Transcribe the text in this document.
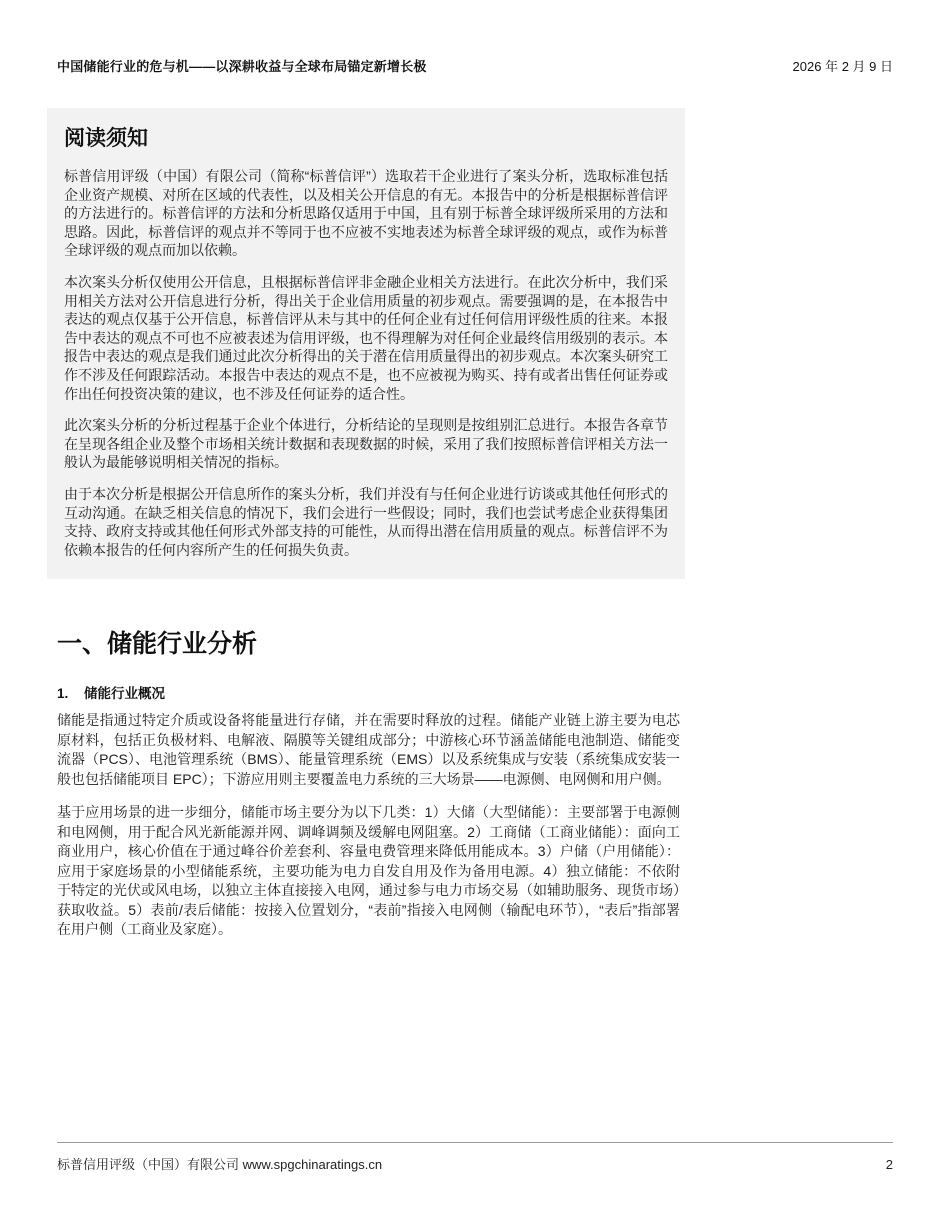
中国储能行业的危与机——以深耕收益与全球布局锚定新增长极	2026 年 2 月 9 日
阅读须知

标普信用评级（中国）有限公司（简称“标普信评”）选取若干企业进行了案头分析，选取标准包括企业资产规模、对所在区域的代表性，以及相关公开信息的有无。本报告中的分析是根据标普信评的方法进行的。标普信评的方法和分析思路仅适用于中国，且有别于标普全球评级所采用的方法和思路。因此，标普信评的观点并不等同于也不应被不实地表述为标普全球评级的观点，或作为标普全球评级的观点而加以依赖。

本次案头分析仅使用公开信息，且根据标普信评非金融企业相关方法进行。在此次分析中，我们采用相关方法对公开信息进行分析，得出关于企业信用质量的初步观点。需要强调的是，在本报告中表达的观点仅基于公开信息，标普信评从未与其中的任何企业有过任何信用评级性质的往来。本报告中表达的观点不可也不应被表述为信用评级，也不得理解为对任何企业最终信用级别的表示。本报告中表达的观点是我们通过此次分析得出的关于潜在信用质量得出的初步观点。本次案头研究工作不涉及任何跟踪活动。本报告中表达的观点不是，也不应被视为购买、持有或者出售任何证券或作出任何投资决策的建议，也不涉及任何证券的适合性。

此次案头分析的分析过程基于企业个体进行，分析结论的呈现则是按组别汇总进行。本报告各章节在呈现各组企业及整个市场相关统计数据和表现数据的时候，采用了我们按照标普信评相关方法一般认为最能够说明相关情况的指标。

由于本次分析是根据公开信息所作的案头分析，我们并没有与任何企业进行访谈或其他任何形式的互动沟通。在缺乏相关信息的情况下，我们会进行一些假设；同时，我们也尝试考虑企业获得集团支持、政府支持或其他任何形式外部支持的可能性，从而得出潜在信用质量的观点。标普信评不为依赖本报告的任何内容所产生的任何损失负责。

一、储能行业分析
1.	储能行业概况

储能是指通过特定介质或设备将能量进行存储，并在需要时释放的过程。储能产业链上游主要为电芯原材料，包括正负极材料、电解液、隔膜等关键组成部分；中游核心环节涵盖储能电池制造、储能变流器（PCS）、电池管理系统（BMS）、能量管理系统（EMS）以及系统集成与安装（系统集成安装一般也包括储能项目 EPC）；下游应用则主要覆盖电力系统的三大场景——电源侧、电网侧和用户侧。

基于应用场景的进一步细分，储能市场主要分为以下几类：1）大储（大型储能）：主要部署于电源侧和电网侧，用于配合风光新能源并网、调峰调频及缓解电网阻塞。2）工商储（工商业储能）：面向工商业用户，核心价值在于通过峰谷价差套利、容量电费管理来降低用能成本。3）户储（户用储能）：应用于家庭场景的小型储能系统，主要功能为电力自发自用及作为备用电源。4）独立储能：不依附于特定的光伏或风电场，以独立主体直接接入电网，通过参与电力市场交易（如辅助服务、现货市场）获取收益。5）表前/表后储能：按接入位置划分，“表前”指接入电网侧（输配电环节），“表后”指部署在用户侧（工商业及家庭）。

标普信用评级（中国）有限公司 www.spgchinaratings.cn	2
